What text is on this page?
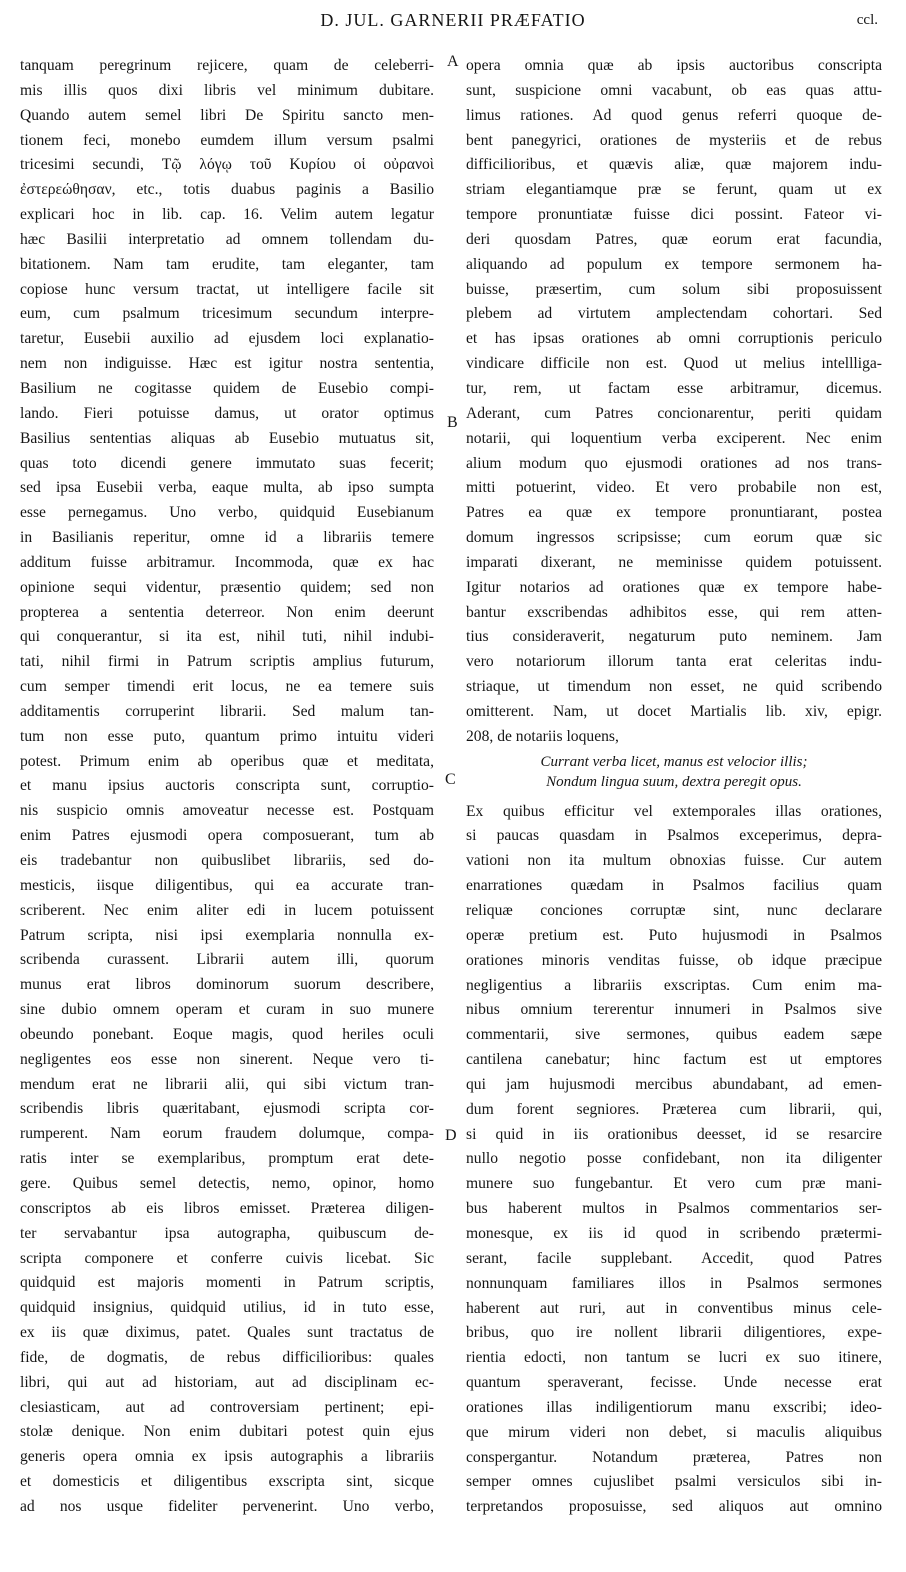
D. JUL. GARNERII PRÆFATIO	ccl.
tanquam peregrinum rejicere, quam de celeberri-
mis illis quos dixi libris vel minimum dubitare.
Quando autem semel libri De Spiritu sancto men-
tionem feci, monebo eumdem illum versum psalmi
tricesimi secundi, Τῷ λόγῳ τοῦ Κυρίου οἱ οὐρανοὶ
ἐστερεώθησαν, etc., totis duabus paginis a Basilio
explicari hoc in lib. cap. 16. Velim autem legatur
hæc Basilii interpretatio ad omnem tollendam du-
bitationem. Nam tam erudite, tam eleganter, tam
copiose hunc versum tractat, ut intelligere facile sit
eum, cum psalmum tricesimum secundum interpre-
taretur, Eusebii auxilio ad ejusdem loci explanatio-
nem non indiguisse. Hæc est igitur nostra sententia,
Basilium ne cogitasse quidem de Eusebio compi-
lando. Fieri potuisse damus, ut orator optimus
Basilius sententias aliquas ab Eusebio mutuatus sit,
quas toto dicendi genere immutato suas fecerit;
sed ipsa Eusebii verba, eaque multa, ab ipso sumpta
esse pernegamus. Uno verbo, quidquid Eusebianum
in Basilianis reperitur, omne id a librariis temere
additum fuisse arbitramur. Incommoda, quæ ex hac
opinione sequi videntur, præsentio quidem; sed non
propterea a sententia deterreor. Non enim deerunt
qui conquerantur, si ita est, nihil tuti, nihil indubi-
tati, nihil firmi in Patrum scriptis amplius futurum,
cum semper timendi erit locus, ne ea temere suis
additamentis corruperint librarii. Sed malum tan-
tum non esse puto, quantum primo intuitu videri
potest. Primum enim ab operibus quæ et meditata,
et manu ipsius auctoris conscripta sunt, corruptio-
nis suspicio omnis amoveatur necesse est. Postquam
enim Patres ejusmodi opera composuerant, tum ab
eis tradebantur non quibuslibet librariis, sed do-
mesticis, iisque diligentibus, qui ea accurate tran-
scriberent. Nec enim aliter edi in lucem potuissent
Patrum scripta, nisi ipsi exemplaria nonnulla ex-
scribenda curassent. Librarii autem illi, quorum
munus erat libros dominorum suorum describere,
sine dubio omnem operam et curam in suo munere
obeundo ponebant. Eoque magis, quod heriles oculi
negligentes eos esse non sinerent. Neque vero ti-
mendum erat ne librarii alii, qui sibi victum tran-
scribendis libris quæritabant, ejusmodi scripta cor-
rumperent. Nam eorum fraudem dolumque, compa-
ratis inter se exemplaribus, promptum erat dete-
gere. Quibus semel detectis, nemo, opinor, homo
conscriptos ab eis libros emisset. Præterea diligen-
ter servabantur ipsa autographa, quibuscum de-
scripta componere et conferre cuivis licebat. Sic
quidquid est majoris momenti in Patrum scriptis,
quidquid insignius, quidquid utilius, id in tuto esse,
ex iis quæ diximus, patet. Quales sunt tractatus de
fide, de dogmatis, de rebus difficilioribus: quales
libri, qui aut ad historiam, aut ad disciplinam ec-
clesiasticam, aut ad controversiam pertinent; epi-
stolæ denique. Non enim dubitari potest quin ejus
generis opera omnia ex ipsis autographis a librariis
et domesticis et diligentibus exscripta sint, sicque
ad nos usque fideliter pervenerint. Uno verbo,
opera omnia quæ ab ipsis auctoribus conscripta
sunt, suspicione omni vacabunt, ob eas quas attu-
limus rationes. Ad quod genus referri quoque de-
bent panegyrici, orationes de mysteriis et de rebus
difficilioribus, et quævis aliæ, quæ majorem indu-
striam elegantiamque præ se ferunt, quam ut ex
tempore pronuntiatæ fuisse dici possint. Fateor vi-
deri quosdam Patres, quæ eorum erat facundia,
aliquando ad populum ex tempore sermonem ha-
buisse, præsertim, cum solum sibi proposuissent
plebem ad virtutem amplectendam cohortari. Sed
et has ipsas orationes ab omni corruptionis periculo
vindicare difficile non est. Quod ut melius intellliga-
tur, rem, ut factam esse arbitramur, dicemus.
Aderant, cum Patres concionarentur, periti quidam
notarii, qui loquentium verba exciperent. Nec enim
alium modum quo ejusmodi orationes ad nos trans-
mitti potuerint, video. Et vero probabile non est,
Patres ea quæ ex tempore pronuntiarant, postea
domum ingressos scripsisse; cum eorum quæ sic
imparati dixerant, ne meminisse quidem potuissent.
Igitur notarios ad orationes quæ ex tempore habe-
bantur exscribendas adhibitos esse, qui rem atten-
tius consideraverit, negaturum puto neminem. Jam
vero notariorum illorum tanta erat celeritas indu-
striaque, ut timendum non esset, ne quid scribendo
omitterent. Nam, ut docet Martialis lib. xiv, epigr.
208, de notariis loquens,
Currant verba licet, manus est velocior illis;
Nondum lingua suum, dextra peregit opus.
Ex quibus efficitur vel extemporales illas orationes,
si paucas quasdam in Psalmos exceperimus, depra-
vationi non ita multum obnoxias fuisse. Cur autem
enarrationes quædam in Psalmos facilius quam
reliquæ conciones corruptæ sint, nunc declarare
operæ pretium est. Puto hujusmodi in Psalmos
orationes minoris venditas fuisse, ob idque præcipue
negligentius a librariis exscriptas. Cum enim ma-
nibus omnium tererentur innumeri in Psalmos sive
commentarii, sive sermones, quibus eadem sæpe
cantilena canebatur; hinc factum est ut emptores
qui jam hujusmodi mercibus abundabant, ad emen-
dum forent segniores. Præterea cum librarii, qui,
si quid in iis orationibus deesset, id se resarcire
nullo negotio posse confidebant, non ita diligenter
munere suo fungebantur. Et vero cum præ mani-
bus haberent multos in Psalmos commentarios ser-
monesque, ex iis id quod in scribendo prætermi-
serant, facile supplebant. Accedit, quod Patres
nonnunquam familiares illos in Psalmos sermones
haberent aut ruri, aut in conventibus minus cele-
bribus, quo ire nollent librarii diligentiores, expe-
rientia edocti, non tantum se lucri ex suo itinere,
quantum speraverant, fecisse. Unde necesse erat
orationes illas indiligentiorum manu exscribi; ideo-
que mirum videri non debet, si maculis aliquibus
conspergantur. Notandum præterea, Patres non
semper omnes cujuslibet psalmi versiculos sibi in-
terpretandos proposuisse, sed aliquos aut omnino
A
B
C
D
